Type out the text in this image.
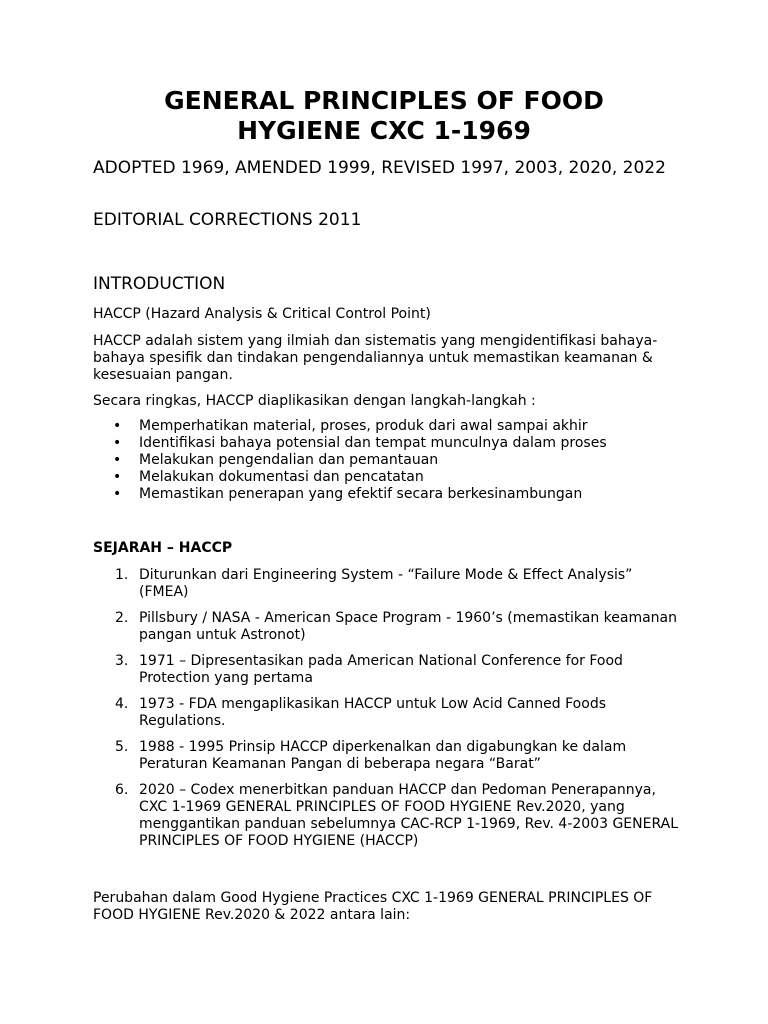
GENERAL PRINCIPLES OF FOOD
HYGIENE CXC 1-1969

ADOPTED 1969, AMENDED 1999, REVISED 1997, 2003, 2020, 2022

EDITORIAL CORRECTIONS 2011

INTRODUCTION

HACCP (Hazard Analysis & Critical Control Point)

HACCP adalah sistem yang ilmiah dan sistematis yang mengidentifikasi bahaya-bahaya spesifik dan tindakan pengendaliannya untuk memastikan keamanan & kesesuaian pangan.

Secara ringkas, HACCP diaplikasikan dengan langkah-langkah :

• Memperhatikan material, proses, produk dari awal sampai akhir
• Identifikasi bahaya potensial dan tempat munculnya dalam proses
• Melakukan pengendalian dan pemantauan
• Melakukan dokumentasi dan pencatatan
• Memastikan penerapan yang efektif secara berkesinambungan
SEJARAH – HACCP
1. Diturunkan dari Engineering System - “Failure Mode & Effect Analysis” (FMEA)
2. Pillsbury / NASA - American Space Program - 1960’s (memastikan keamanan pangan untuk Astronot)
3. 1971 – Dipresentasikan pada American National Conference for Food Protection yang pertama
4. 1973 - FDA mengaplikasikan HACCP untuk Low Acid Canned Foods Regulations.
5. 1988 - 1995 Prinsip HACCP diperkenalkan dan digabungkan ke dalam Peraturan Keamanan Pangan di beberapa negara “Barat”
6. 2020 – Codex menerbitkan panduan HACCP dan Pedoman Penerapannya, CXC 1-1969 GENERAL PRINCIPLES OF FOOD HYGIENE Rev.2020, yang menggantikan panduan sebelumnya CAC-RCP 1-1969, Rev. 4-2003 GENERAL PRINCIPLES OF FOOD HYGIENE (HACCP)

Perubahan dalam Good Hygiene Practices CXC 1-1969 GENERAL PRINCIPLES OF FOOD HYGIENE Rev.2020 & 2022 antara lain:
